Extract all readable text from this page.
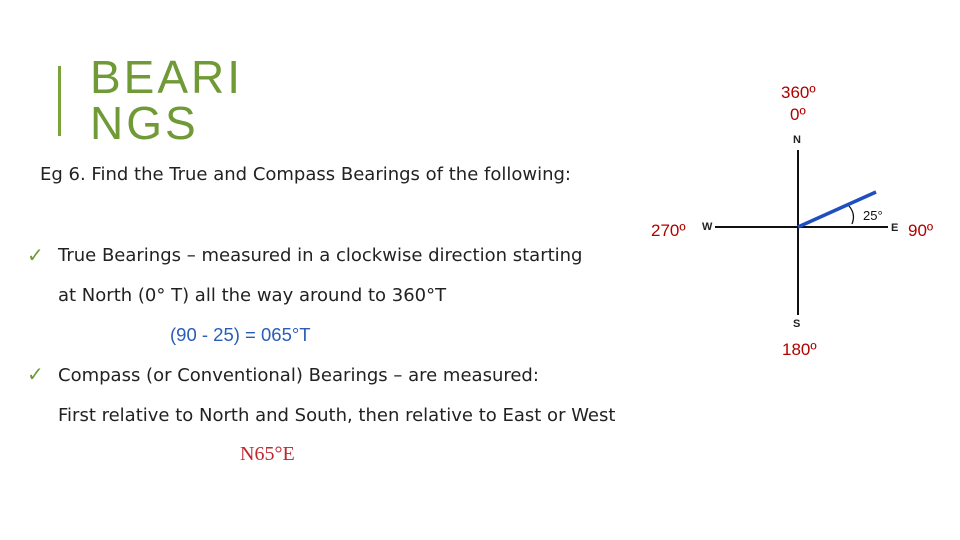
BEARI
NGS
Eg 6. Find the True and Compass Bearings of the following:
✓ True Bearings – measured in a clockwise direction starting
at North (0° T) all the way around to 360°T
(90 - 25) = 065°T
✓ Compass (or Conventional) Bearings – are measured:
First relative to North and South, then relative to East or West
N65°E
360º
0º
N
270º W
25°
E 90º
S
180º
